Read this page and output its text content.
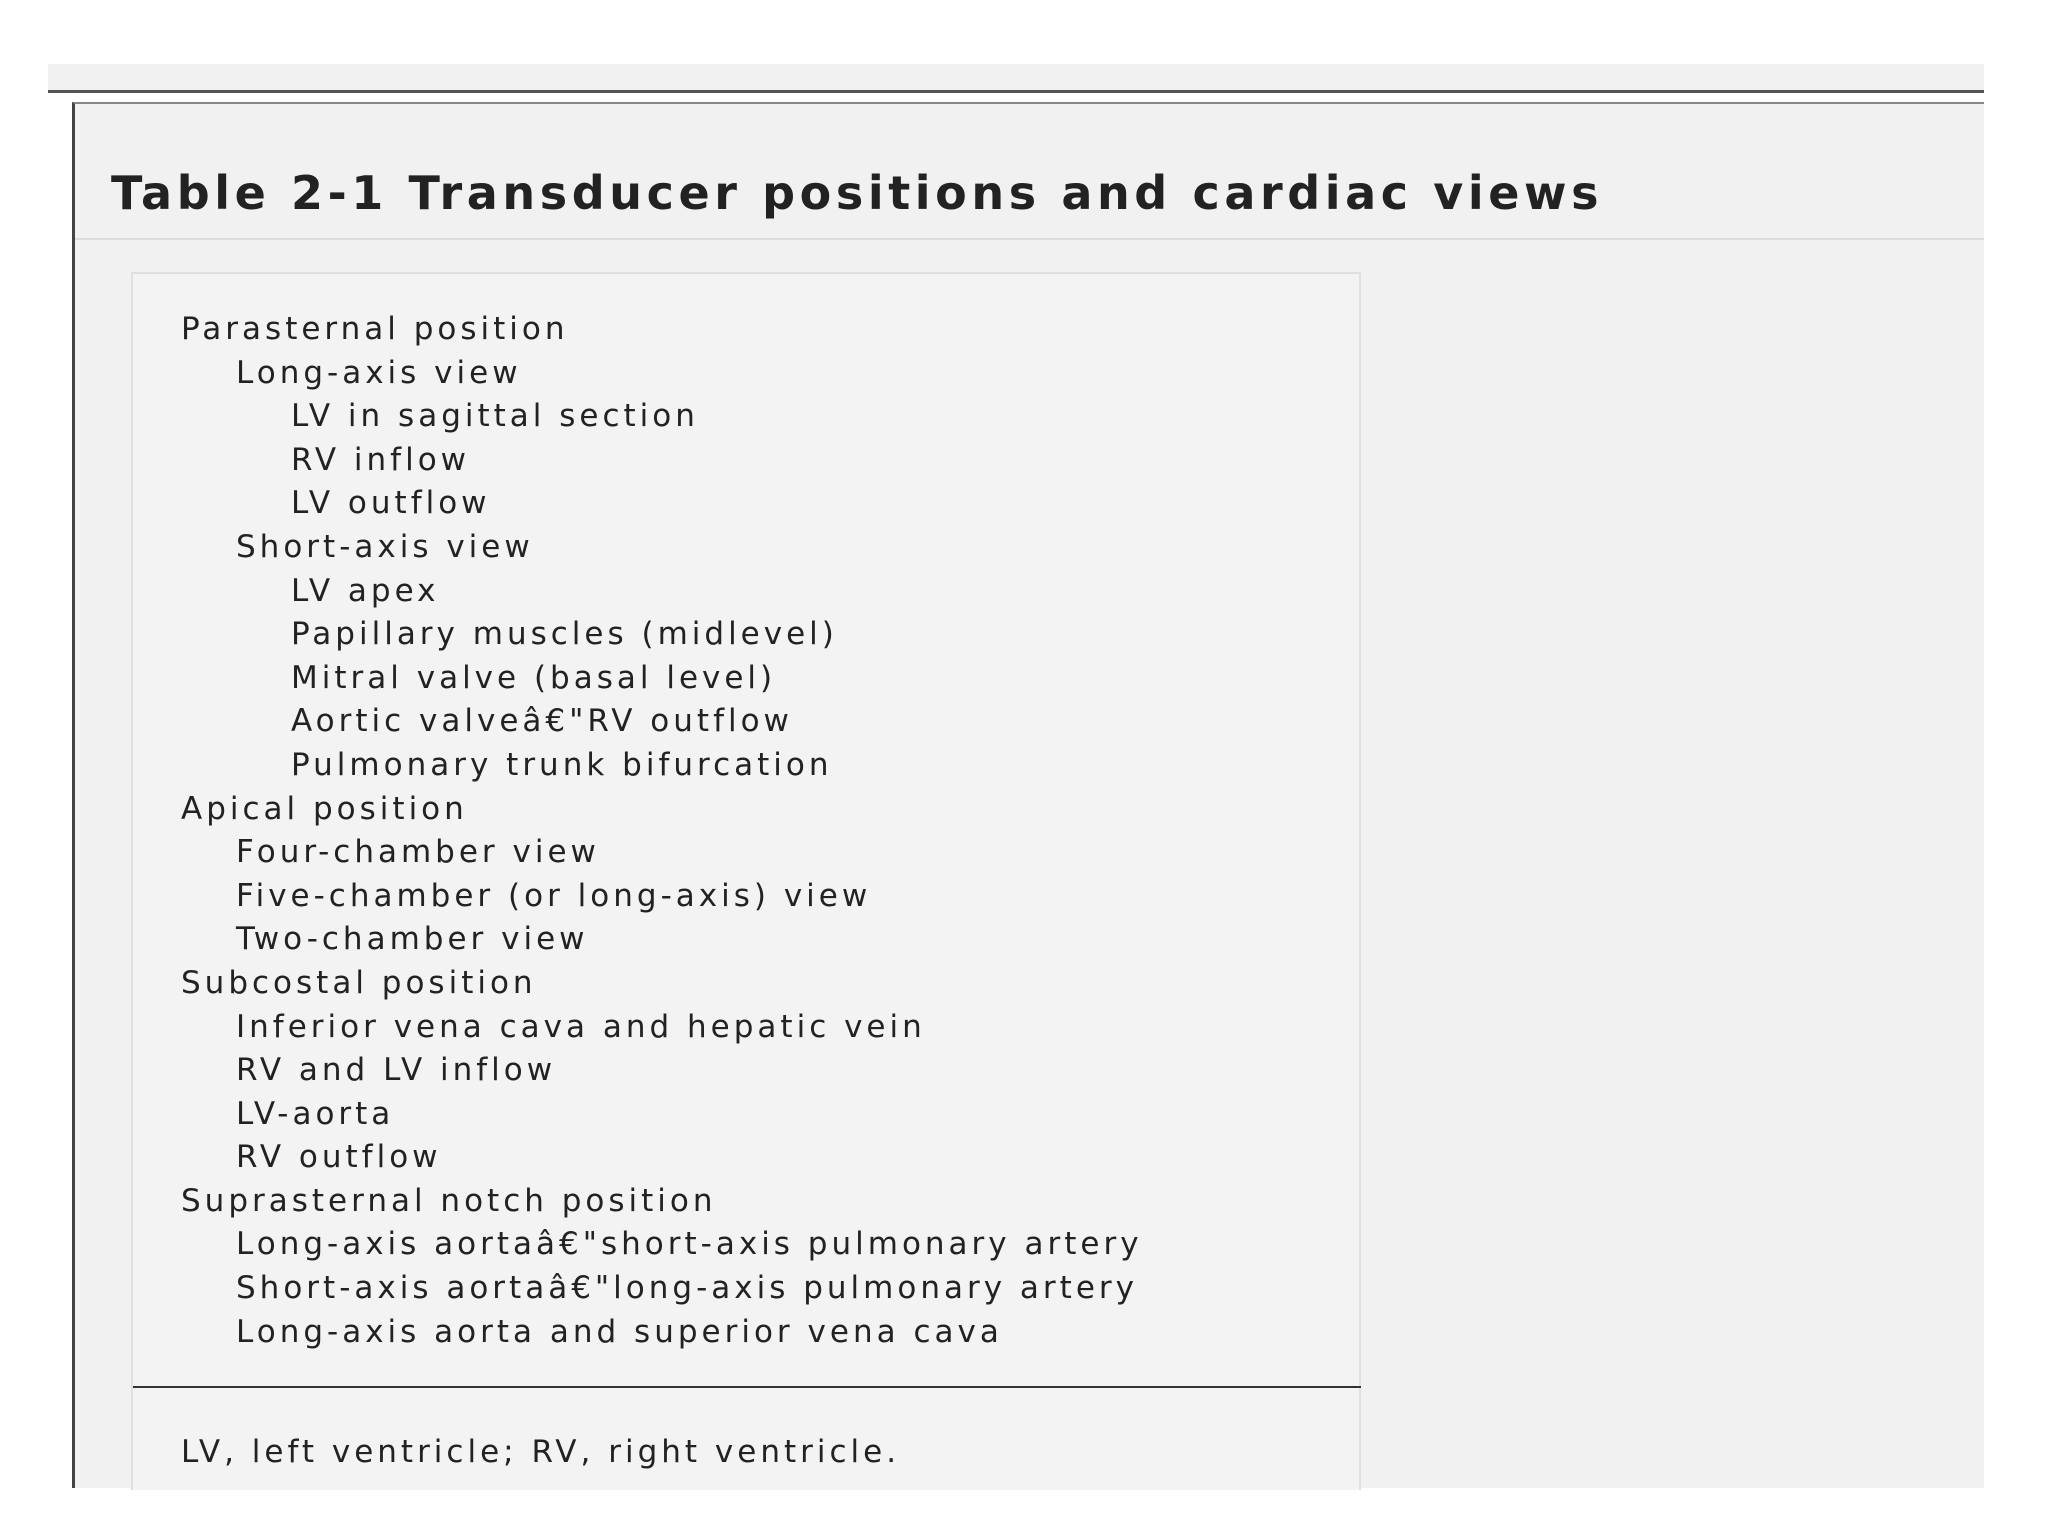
Table 2-1 Transducer positions and cardiac views
Parasternal position
Long-axis view
LV in sagittal section
RV inflow
LV outflow
Short-axis view
LV apex
Papillary muscles (midlevel)
Mitral valve (basal level)
Aortic valveâ€"RV outflow
Pulmonary trunk bifurcation
Apical position
Four-chamber view
Five-chamber (or long-axis) view
Two-chamber view
Subcostal position
Inferior vena cava and hepatic vein
RV and LV inflow
LV-aorta
RV outflow
Suprasternal notch position
Long-axis aortaâ€"short-axis pulmonary artery
Short-axis aortaâ€"long-axis pulmonary artery
Long-axis aorta and superior vena cava
LV, left ventricle; RV, right ventricle.
